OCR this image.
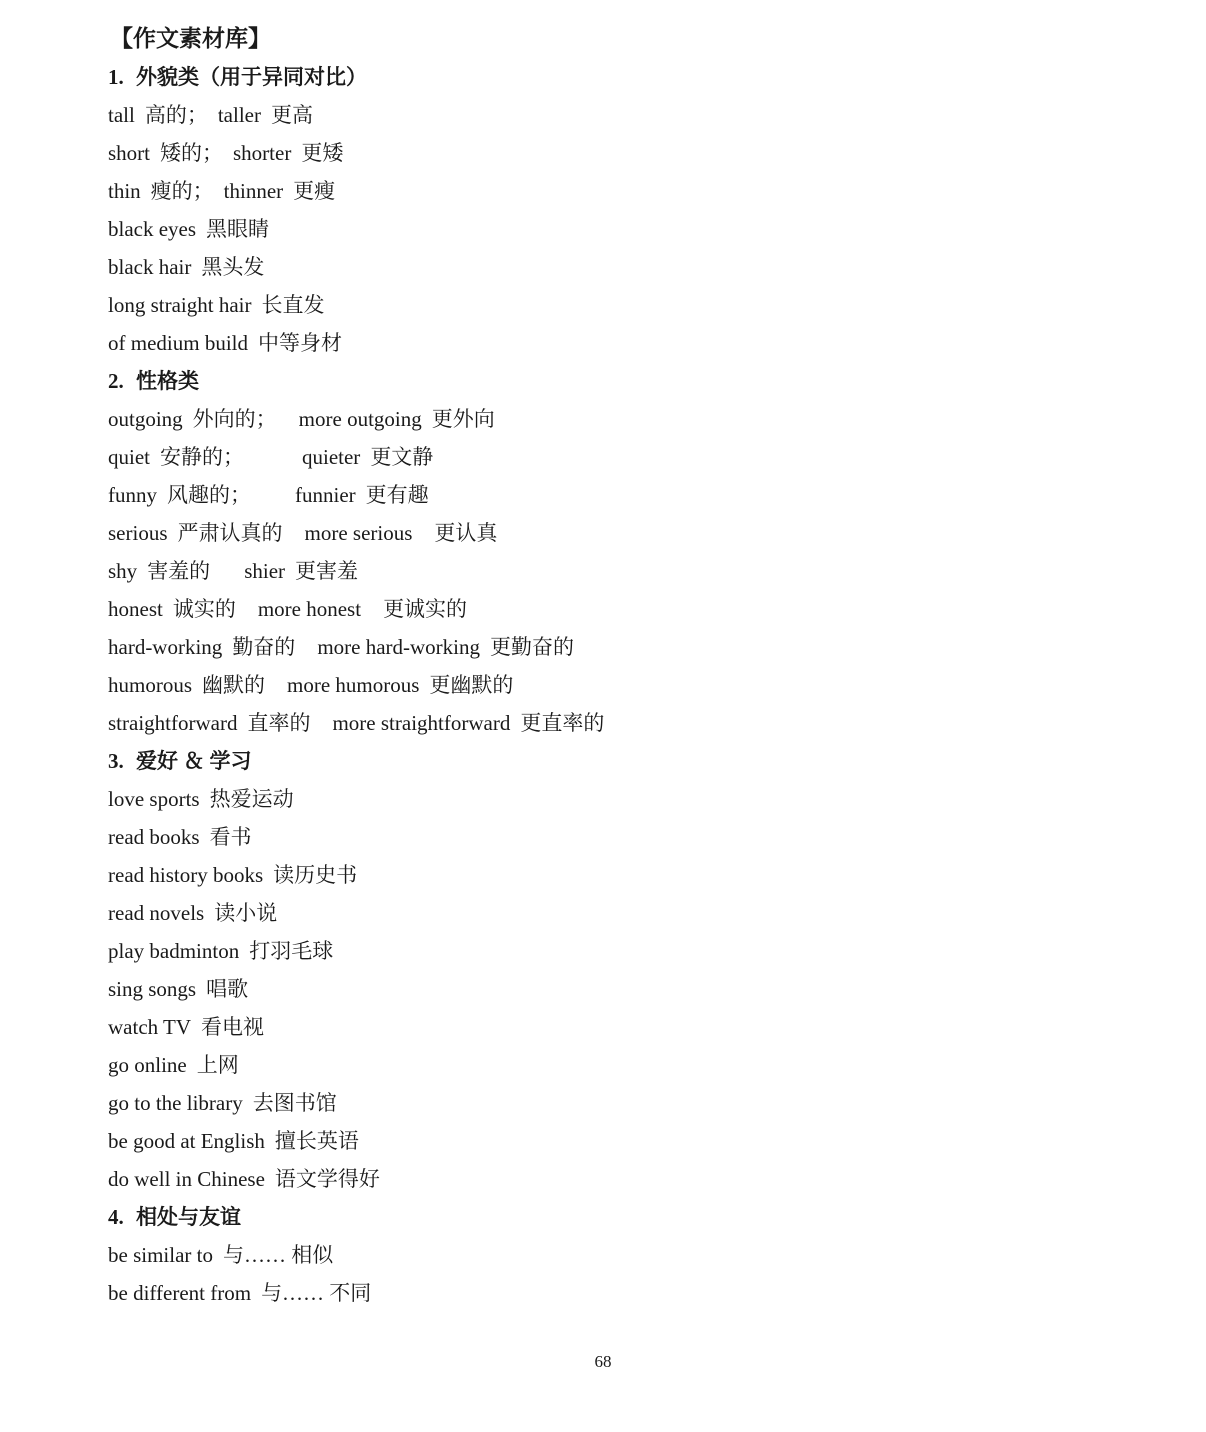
【作文素材库】
1. 外貌类（用于异同对比）
tall 高的； taller 更高
short 矮的； shorter 更矮
thin 瘦的； thinner 更瘦
black eyes 黑眼睛
black hair 黑头发
long straight hair 长直发
of medium build 中等身材
2. 性格类
outgoing 外向的； more outgoing 更外向
quiet 安静的；	quieter 更文静
funny 风趣的； funnier 更有趣
serious 严肃认真的 more serious 更认真
shy 害羞的 shier 更害羞
honest 诚实的 more honest 更诚实的
hard-working 勤奋的 more hard-working 更勤奋的
humorous 幽默的 more humorous 更幽默的
straightforward 直率的 more straightforward 更直率的
3. 爱好 ＆ 学习
love sports 热爱运动
read books 看书
read history books 读历史书
read novels 读小说
play badminton 打羽毛球
sing songs 唱歌
watch TV 看电视
go online 上网
go to the library 去图书馆
be good at English 擅长英语
do well in Chinese 语文学得好
4. 相处与友谊
be similar to 与…… 相似
be different from 与…… 不同
68
